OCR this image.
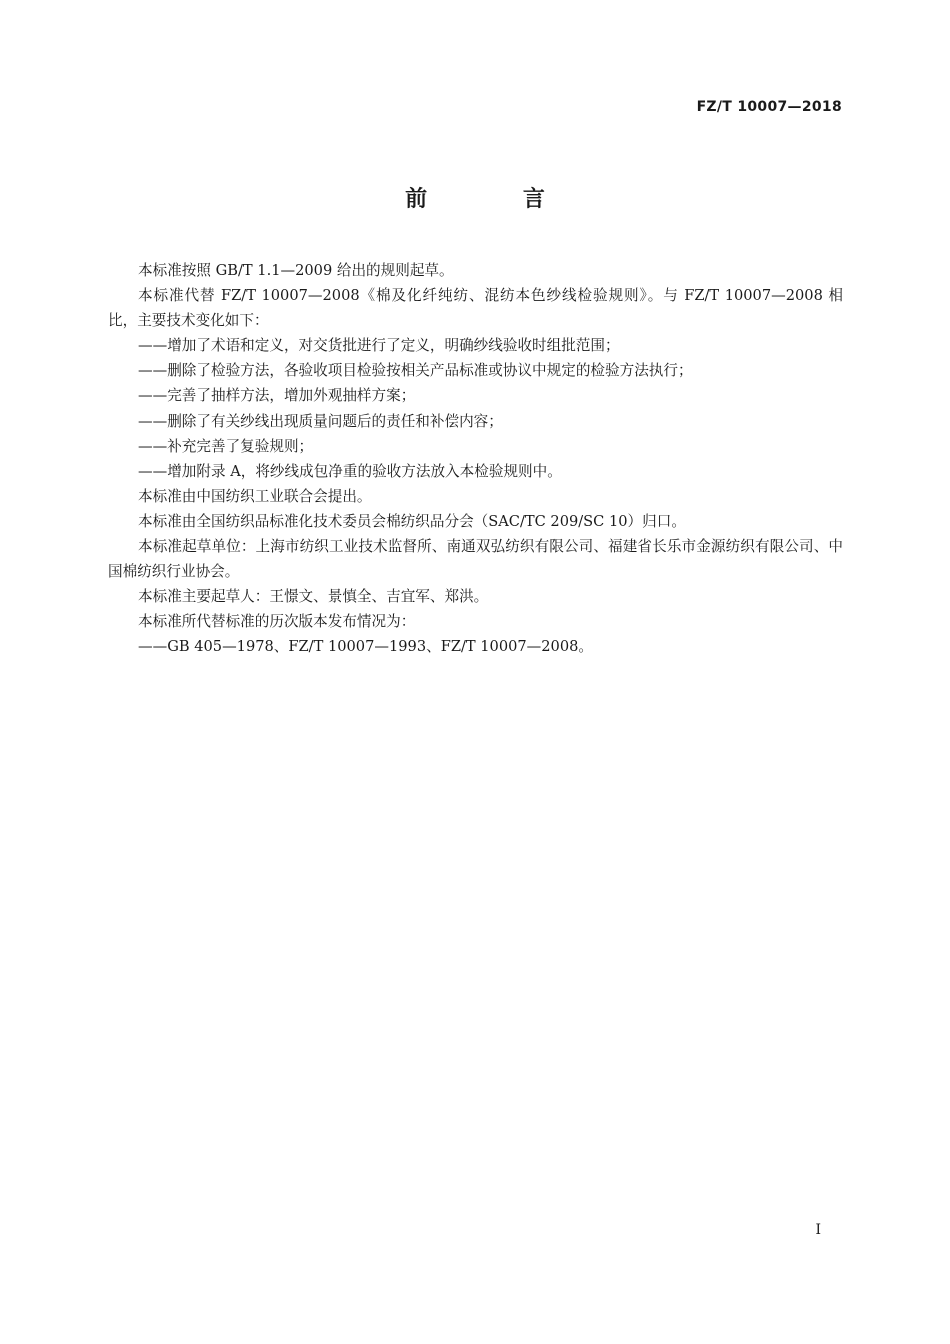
FZ/T 10007—2018
前 言

本标准按照 GB/T 1.1—2009 给出的规则起草。

本标准代替 FZ/T 10007—2008《棉及化纤纯纺、混纺本色纱线检验规则》。与 FZ/T 10007—2008 相比，主要技术变化如下：

——增加了术语和定义，对交货批进行了定义，明确纱线验收时组批范围；

——删除了检验方法，各验收项目检验按相关产品标准或协议中规定的检验方法执行；

——完善了抽样方法，增加外观抽样方案；

——删除了有关纱线出现质量问题后的责任和补偿内容；

——补充完善了复验规则；

——增加附录 A，将纱线成包净重的验收方法放入本检验规则中。

本标准由中国纺织工业联合会提出。

本标准由全国纺织品标准化技术委员会棉纺织品分会（SAC/TC 209/SC 10）归口。

本标准起草单位：上海市纺织工业技术监督所、南通双弘纺织有限公司、福建省长乐市金源纺织有限公司、中国棉纺织行业协会。

本标准主要起草人：王憬文、景慎全、吉宜军、郑洪。

本标准所代替标准的历次版本发布情况为：

——GB 405—1978、FZ/T 10007—1993、FZ/T 10007—2008。

I
